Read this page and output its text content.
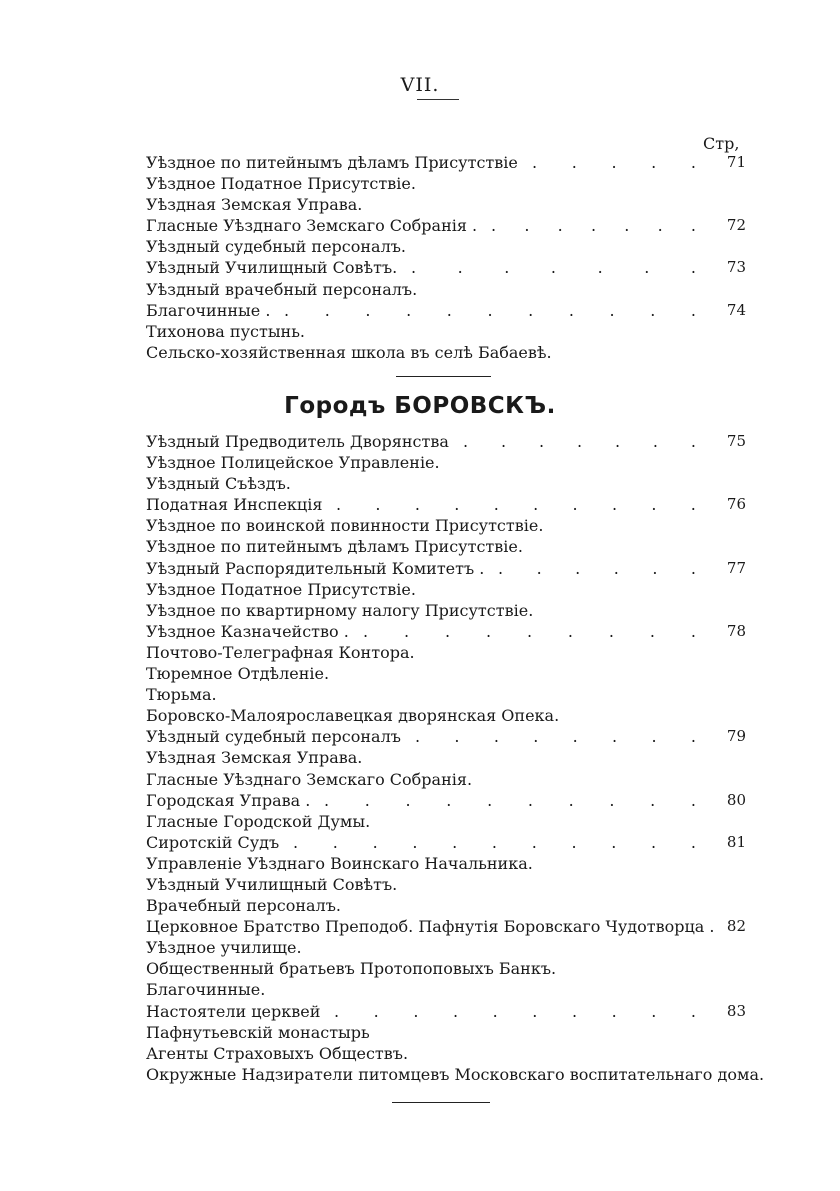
VII.
Стр,
Уѣздное по питейнымъ дѣламъ Присутствіе . . . . .	71
Уѣздное Податное Присутствіе.
Уѣздная Земская Управа.
Гласные Уѣзднаго Земскаго Собранія . . . . . . . .	72
Уѣздный судебный персоналъ.
Уѣздный Училищный Совѣтъ. .	.	.	.	.	.	.	73
Уѣздный врачебный персоналъ.
Благочинные . . . . . . . . . . . .	74
Тихонова пустынь.
Сельско-хозяйственная школа въ селѣ Бабаевѣ.
Городъ БОРОВСКЪ.
Уѣздный Предводитель Дворянства . . . . . . .	75
Уѣздное Полицейское Управленіе.
Уѣздный Съѣздъ.
Податная Инспекція . . . . . . . . . .	76
Уѣздное по воинской повинности Присутствіе.
Уѣздное по питейнымъ дѣламъ Присутствіе.
Уѣздный Распорядительный Комитетъ . . . . . . .	77
Уѣздное Податное Присутствіе.
Уѣздное по квартирному налогу Присутствіе.
Уѣздное Казначейство . . . . . . . . . .	78
Почтово-Телеграфная Контора.
Тюремное Отдѣленіе.
Тюрьма.
Боровско-Малоярославецкая дворянская Опека.
Уѣздный судебный персоналъ . . . . . . . .	79
Уѣздная Земская Управа.
Гласные Уѣзднаго Земскаго Собранія.
Городская Управа . . . . . . . . . . .	80
Гласные Городской Думы.
Сиротскій Судъ . . . . . . . . . . .	81
Управленіе Уѣзднаго Воинскаго Начальника.
Уѣздный Училищный Совѣтъ.
Врачебный персоналъ.
Церковное Братство Преподоб. Пафнутія Боровскаго Чудотворца . 82
Уѣздное училище.
Общественный братьевъ Протопоповыхъ Банкъ.
Благочинные.
Настоятели церквей . . . . . . . . . .	83
Пафнутьевскій монастырь
Агенты Страховыхъ Обществъ.
Окружные Надзиратели питомцевъ Московскаго воспитательнаго дома.
